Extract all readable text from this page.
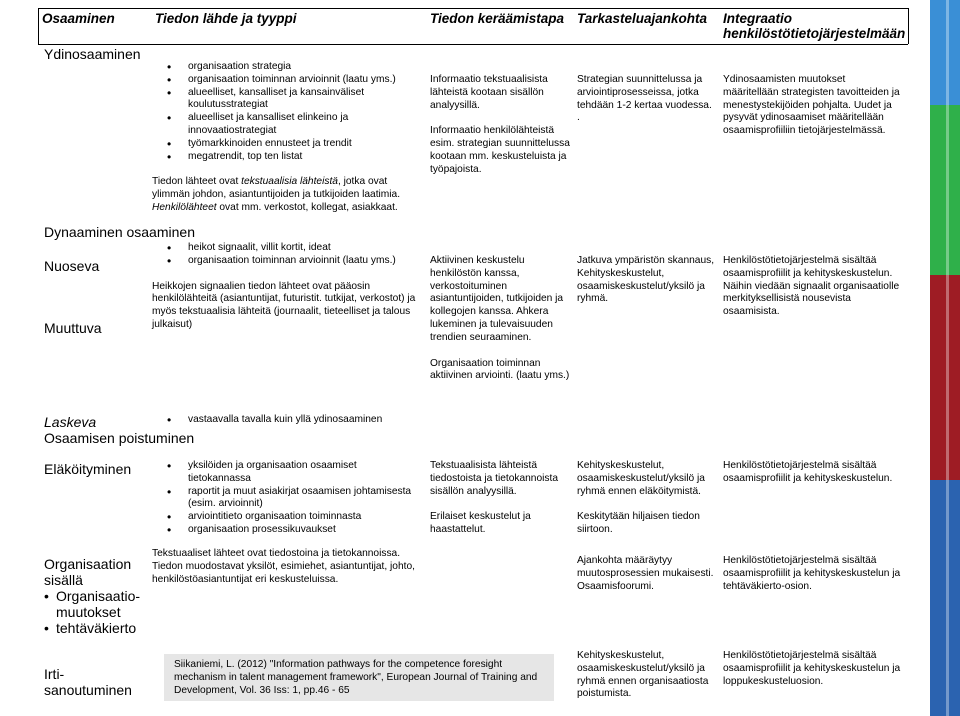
Osaaminen	Tiedon lähde ja tyyppi	Tiedon keräämistapa Tarkasteluajankohta Integraatio
henkilöstötietojärjestelmään
Ydinosaaminen
• organisaation strategia
• organisaation toiminnan arvioinnit (laatu yms.)
• alueelliset, kansalliset ja kansainväliset koulutusstrategiat
• alueelliset ja kansalliset elinkeino ja innovaatiostrategiat
• työmarkkinoiden ennusteet ja trendit
• megatrendit, top ten listat

Tiedon lähteet ovat tekstuaalisia lähteistä, jotka ovat ylimmän johdon, asiantuntijoiden ja tutkijoiden laatimia. Henkilölähteet ovat mm. verkostot, kollegat, asiakkaat.

Informaatio tekstuaalisista lähteistä kootaan sisällön analyysillä.

Informaatio henkilölähteistä esim. strategian suunnittelussa kootaan mm. keskusteluista ja työpajoista.

Strategian suunnittelussa ja arviointiprosesseissa, jotka tehdään 1-2 kertaa vuodessa.

.

Ydinosaamisten muutokset määritellään strategisten tavoitteiden ja menestystekijöiden pohjalta. Uudet ja pysyvät ydinosaamiset määritellään osaamisprofiiliin tietojärjestelmässä.

Dynaaminen osaaminen
Nuoseva
Muuttuva
• heikot signaalit, villit kortit, ideat
• organisaation toiminnan arvioinnit (laatu yms.)

Heikkojen signaalien tiedon lähteet ovat pääosin henkilölähteitä (asiantuntijat, futuristit. tutkijat, verkostot) ja myös tekstuaalisia lähteitä (journaalit, tieteelliset ja talous julkaisut)

Aktiivinen keskustelu henkilöstön kanssa, verkostoituminen asiantuntijoiden, tutkijoiden ja kollegojen kanssa. Ahkera lukeminen ja tulevaisuuden trendien seuraaminen.

Organisaation toiminnan aktiivinen arviointi. (laatu yms.)

Jatkuva ympäristön skannaus, Kehityskeskustelut, osaamiskeskustelut/yksilö ja ryhmä.

Henkilöstötietojärjestelmä sisältää osaamisprofiilit ja kehityskeskustelun. Näihin viedään signaalit organisaatiolle merkityksellisistä nousevista osaamisista.

Laskeva
Osaamisen poistuminen
• vastaavalla tavalla kuin yllä ydinosaaminen
Eläköityminen
•	yksilöiden ja organisaation osaamiset tietokannassa
• raportit ja muut asiakirjat osaamisen johtamisesta (esim. arvioinnit)
• arviointitieto organisaation toiminnasta
• organisaation prosessikuvaukset

Tekstuaalisista lähteistä tiedostoista ja tietokannoista sisällön analyysillä.

Erilaiset keskustelut ja haastattelut.

Kehityskeskustelut, osaamiskeskustelut/yksilö ja ryhmä ennen eläköitymistä.

Keskitytään hiljaisen tiedon siirtoon.

Henkilöstötietojärjestelmä sisältää osaamisprofiilit ja kehityskeskustelun.

Organisaation
sisällä
• Organisaatio-
muutokset
• tehtäväkierto

Tekstuaaliset lähteet ovat tiedostoina ja tietokannoissa. Tiedon muodostavat yksilöt, esimiehet, asiantuntijat, johto, henkilöstöasiantuntijat eri keskusteluissa.

Ajankohta määräytyy muutosprosessien mukaisesti. Osaamisfoorumi.

Henkilöstötietojärjestelmä sisältää osaamisprofiilit ja kehityskeskustelun ja tehtäväkierto-osion.

Irti-
sanoutuminen

Siikaniemi, L. (2012) "Information pathways for the competence foresight mechanism in talent management framework", European Journal of Training and Development, Vol. 36 Iss: 1, pp.46 - 65

Kehityskeskustelut, osaamiskeskustelut/yksilö ja ryhmä ennen organisaatiosta poistumista.

Henkilöstötietojärjestelmä sisältää osaamisprofiilit ja kehityskeskustelun ja loppukeskusteluosion.
